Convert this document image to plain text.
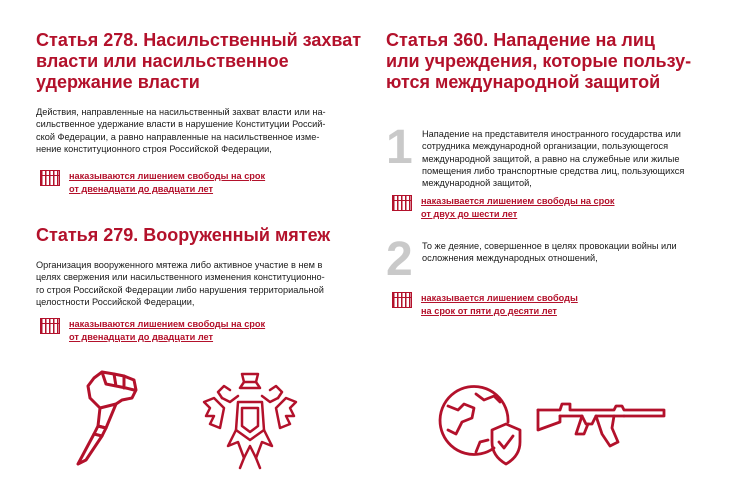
Статья 278. Насильственный захват
власти или насильственное
удержание власти
Действия, направленные на насильственный захват власти или на-
сильственное удержание власти в нарушение Конституции Россий-
ской Федерации, а равно направленные на насильственное изме-
нение конституционного строя Российской Федерации,
наказываются лишением свободы на срок
от двенадцати до двадцати лет
Статья 279. Вооруженный мятеж
Организация вооруженного мятежа либо активное участие в нем в
целях свержения или насильственного изменения конституционно-
го строя Российской Федерации либо нарушения территориальной
целостности Российской Федерации,
наказываются лишением свободы на срок
от двенадцати до двадцати лет
Статья 360. Нападение на лиц
или учреждения, которые пользу-
ются международной защитой
1 Нападение на представителя иностранного государства или
сотрудника международной организации, пользующегося
международной защитой, а равно на служебные или жилые
помещения либо транспортные средства лиц, пользующихся
международной защитой,
наказывается лишением свободы на срок
от двух до шести лет
2 То же деяние, совершенное в целях провокации войны или
осложнения международных отношений,
наказывается лишением свободы
на срок от пяти до десяти лет
